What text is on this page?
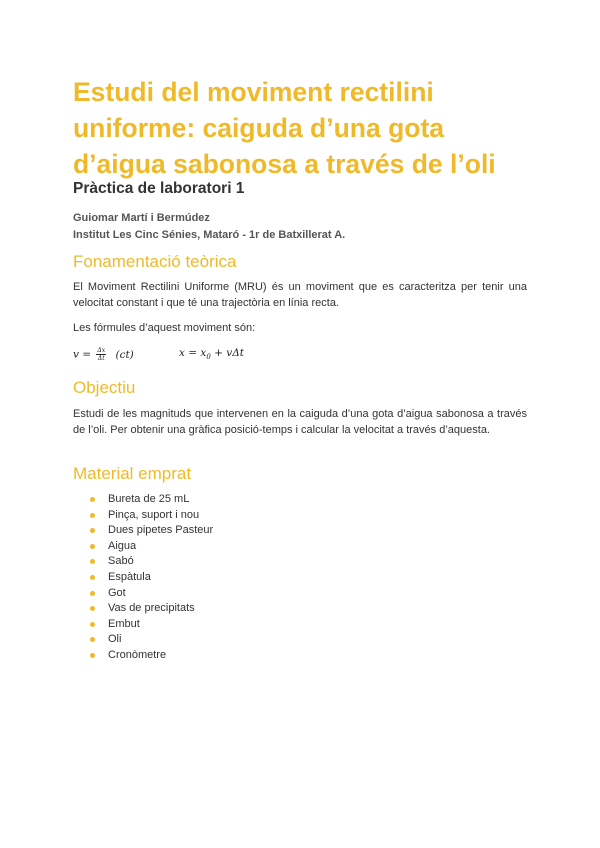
Estudi del moviment rectilini uniforme: caiguda d’una gota d’aigua sabonosa a través de l’oli
Pràctica de laboratori 1
Guiomar Martí i Bermúdez
Institut Les Cinc Sénies, Mataró - 1r de Batxillerat A.
Fonamentació teòrica
El Moviment Rectilini Uniforme (MRU) és un moviment que es caracteritza per tenir una velocitat constant i que té una trajectòria en línia recta.
Les fórmules d’aquest moviment són:
$v = \frac{\Delta x}{\Delta t} (ct)$	$x = x_0 + v\Delta t$
Objectiu
Estudi de les magnituds que intervenen en la caiguda d’una gota d’aigua sabonosa a través de l’oli. Per obtenir una gràfica posició-temps i calcular la velocitat a través d’aquesta.
Material emprat
Bureta de 25 mL
Pinça, suport i nou
Dues pipetes Pasteur
Aigua
Sabó
Espàtula
Got
Vas de precipitats
Embut
Oli
Cronòmetre
